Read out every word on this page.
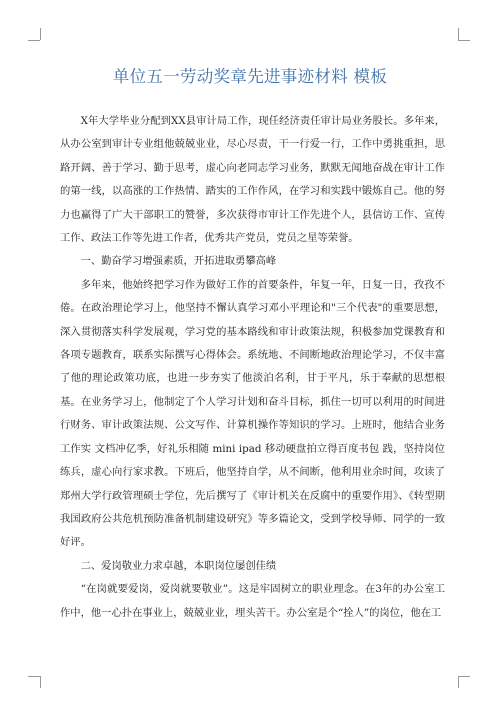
单位五一劳动奖章先进事迹材料 模板

X年大学毕业分配到XX县审计局工作，现任经济责任审计局业务股长。多年来，从办公室到审计专业组他兢兢业业，尽心尽责，干一行爱一行，工作中勇挑重担，思路开阔、善于学习、勤于思考，虚心向老同志学习业务，默默无闻地奋战在审计工作的第一线，以高涨的工作热情、踏实的工作作风，在学习和实践中锻炼自己。他的努力也赢得了广大干部职工的赞誉，多次获得市审计工作先进个人，县信访工作、宣传工作、政法工作等先进工作者，优秀共产党员，党员之星等荣誉。

一、勤奋学习增强素质，开拓进取勇攀高峰

多年来，他始终把学习作为做好工作的首要条件，年复一年，日复一日，孜孜不倦。在政治理论学习上，他坚持不懈认真学习邓小平理论和"三个代表"的重要思想，深入贯彻落实科学发展观，学习党的基本路线和审计政策法规，积极参加党课教育和各项专题教育，联系实际撰写心得体会。系统地、不间断地政治理论学习，不仅丰富了他的理论政策功底，也进一步夯实了他淡泊名利，甘于平凡，乐于奉献的思想根基。在业务学习上，他制定了个人学习计划和奋斗目标，抓住一切可以利用的时间进行财务、审计政策法规、公文写作、计算机操作等知识的学习。上班时，他结合业务工作实 文档冲亿季，好礼乐相随 mini ipad 移动硬盘拍立得百度书包 践，坚持岗位练兵，虚心向行家求教。下班后，他坚持自学，从不间断，他利用业余时间，攻读了郑州大学行政管理硕士学位，先后撰写了《审计机关在反腐中的重要作用》、《转型期我国政府公共危机预防准备机制建设研究》等多篇论文，受到学校导师、同学的一致好评。

二、爱岗敬业力求卓越，本职岗位屡创佳绩

“在岗就要爱岗，爱岗就要敬业”。这是牢固树立的职业理念。在3年的办公室工作中，他一心扑在事业上，兢兢业业，埋头苦干。办公室是个“拴人”的岗位，他在工
